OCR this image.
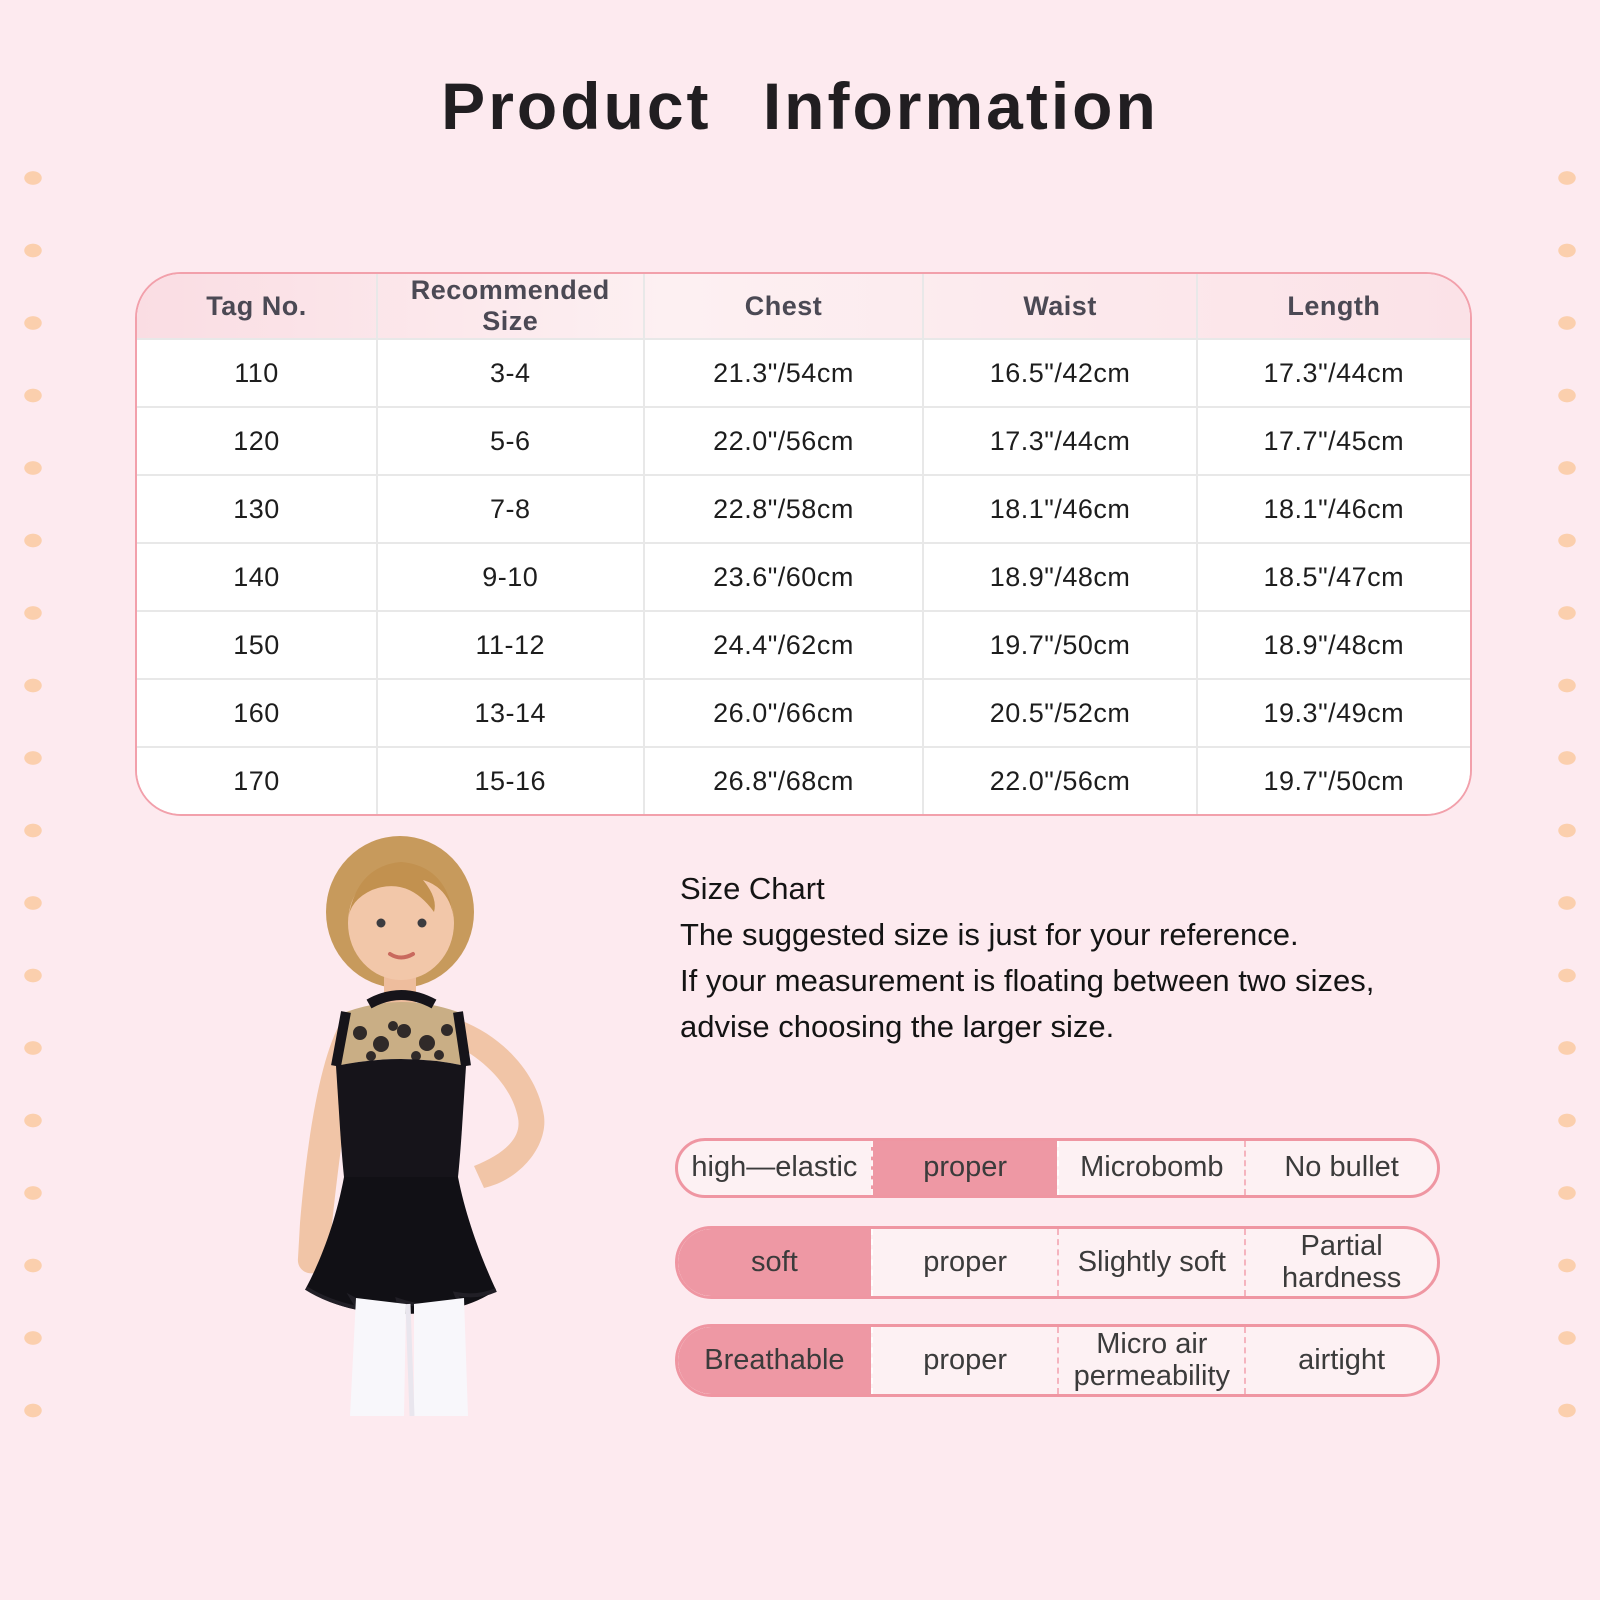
Product Information
Tag No.	Recommended Size	Chest	Waist	Length
110	3-4	21.3"/54cm	16.5"/42cm	17.3"/44cm
120	5-6	22.0"/56cm	17.3"/44cm	17.7"/45cm
130	7-8	22.8"/58cm	18.1"/46cm	18.1"/46cm
140	9-10	23.6"/60cm	18.9"/48cm	18.5"/47cm
150	11-12	24.4"/62cm	19.7"/50cm	18.9"/48cm
160	13-14	26.0"/66cm	20.5"/52cm	19.3"/49cm
170	15-16	26.8"/68cm	22.0"/56cm	19.7"/50cm

Size Chart

The suggested size is just for your reference.

If your measurement is floating between two sizes,

advise choosing the larger size.

high—elastic proper	Microbomb No bullet
soft	proper Slightly soft	Partial hardness
Breathable	proper	Micro air permeability airtight
